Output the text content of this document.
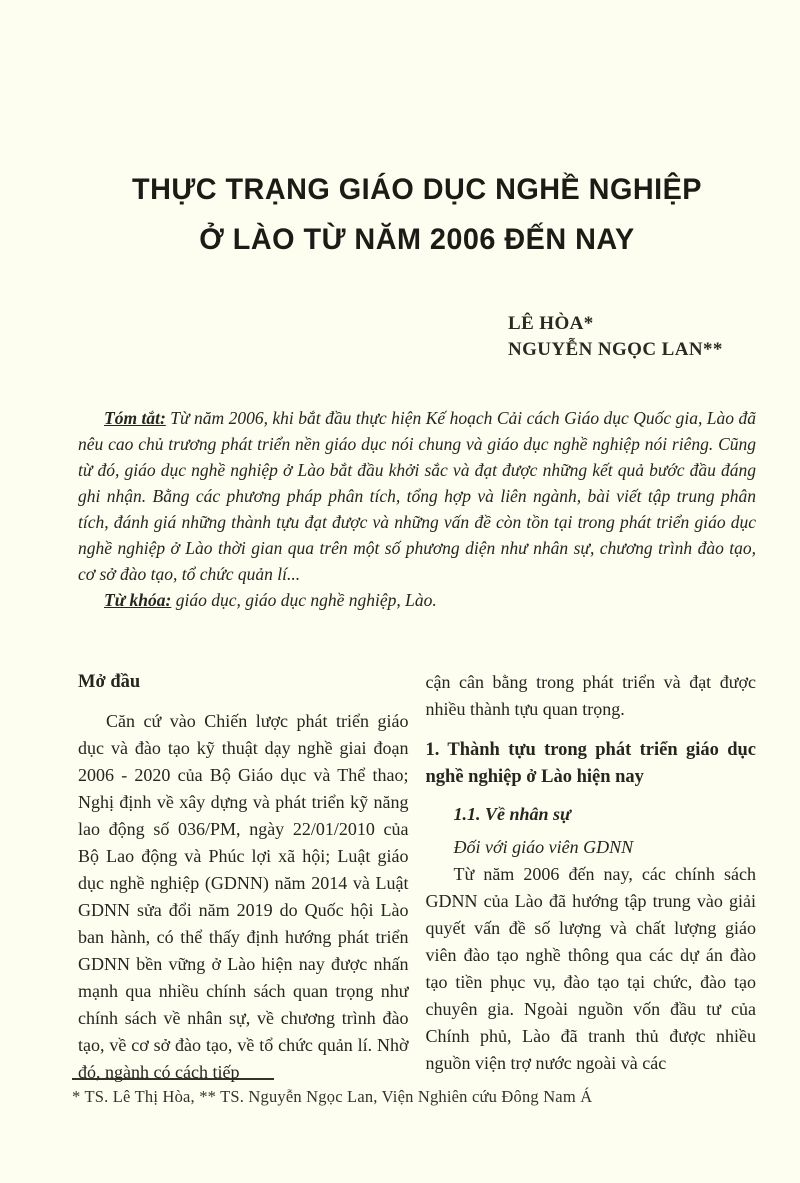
THỰC TRẠNG GIÁO DỤC NGHỀ NGHIỆP
Ở LÀO TỪ NĂM 2006 ĐẾN NAY
LÊ HÒA*
NGUYỄN NGỌC LAN**

Tóm tắt: Từ năm 2006, khi bắt đầu thực hiện Kế hoạch Cải cách Giáo dục Quốc gia, Lào đã nêu cao chủ trương phát triển nền giáo dục nói chung và giáo dục nghề nghiệp nói riêng. Cũng từ đó, giáo dục nghề nghiệp ở Lào bắt đầu khởi sắc và đạt được những kết quả bước đầu đáng ghi nhận. Bằng các phương pháp phân tích, tổng hợp và liên ngành, bài viết tập trung phân tích, đánh giá những thành tựu đạt được và những vấn đề còn tồn tại trong phát triển giáo dục nghề nghiệp ở Lào thời gian qua trên một số phương diện như nhân sự, chương trình đào tạo, cơ sở đào tạo, tổ chức quản lí...

Từ khóa: giáo dục, giáo dục nghề nghiệp, Lào.

Mở đầu

Căn cứ vào Chiến lược phát triển giáo dục và đào tạo kỹ thuật dạy nghề giai đoạn 2006 - 2020 của Bộ Giáo dục và Thể thao; Nghị định về xây dựng và phát triển kỹ năng lao động số 036/PM, ngày 22/01/2010 của Bộ Lao động và Phúc lợi xã hội; Luật giáo dục nghề nghiệp (GDNN) năm 2014 và Luật GDNN sửa đổi năm 2019 do Quốc hội Lào ban hành, có thể thấy định hướng phát triển GDNN bền vững ở Lào hiện nay được nhấn mạnh qua nhiều chính sách quan trọng như chính sách về nhân sự, về chương trình đào tạo, về cơ sở đào tạo, về tổ chức quản lí. Nhờ đó, ngành có cách tiếp

cận cân bằng trong phát triển và đạt được nhiều thành tựu quan trọng.

1. Thành tựu trong phát triển giáo dục nghề nghiệp ở Lào hiện nay
1.1. Về nhân sự

Đối với giáo viên GDNN

Từ năm 2006 đến nay, các chính sách GDNN của Lào đã hướng tập trung vào giải quyết vấn đề số lượng và chất lượng giáo viên đào tạo nghề thông qua các dự án đào tạo tiền phục vụ, đào tạo tại chức, đào tạo chuyên gia. Ngoài nguồn vốn đầu tư của Chính phủ, Lào đã tranh thủ được nhiều nguồn viện trợ nước ngoài và các

* TS. Lê Thị Hòa, ** TS. Nguyễn Ngọc Lan, Viện Nghiên cứu Đông Nam Á
